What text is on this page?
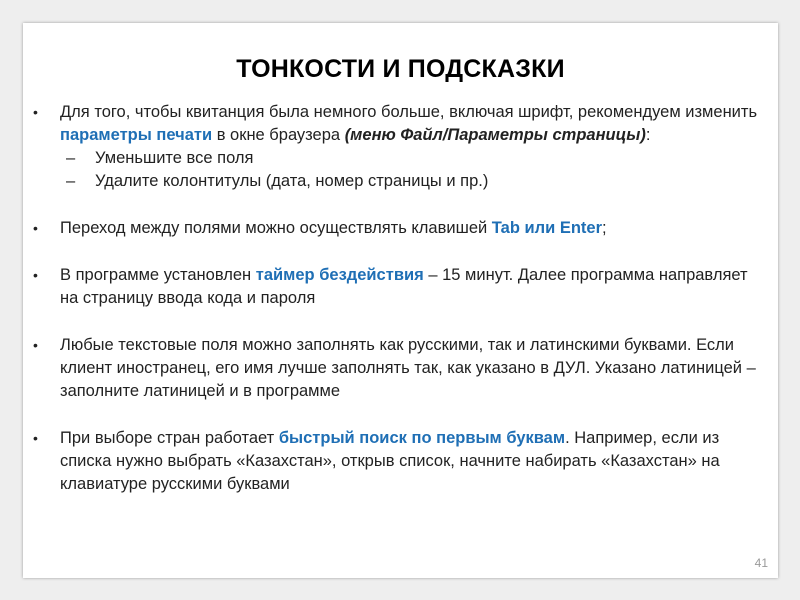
ТОНКОСТИ И ПОДСКАЗКИ
• Для того, чтобы квитанция была немного больше, включая шрифт, рекомендуем изменить параметры печати в окне браузера (меню Файл/Параметры страницы):
– Уменьшите все поля
– Удалите колонтитулы (дата, номер страницы и пр.)
• Переход между полями можно осуществлять клавишей Tab или Enter;
• В программе установлен таймер бездействия – 15 минут. Далее программа направляет на страницу ввода кода и пароля
• Любые текстовые поля можно заполнять как русскими, так и латинскими буквами. Если клиент иностранец, его имя лучше заполнять так, как указано в ДУЛ. Указано латиницей – заполните латиницей и в программе
• При выборе стран работает быстрый поиск по первым буквам. Например, если из списка нужно выбрать «Казахстан», открыв список, начните набирать «Казахстан» на клавиатуре русскими буквами
41
